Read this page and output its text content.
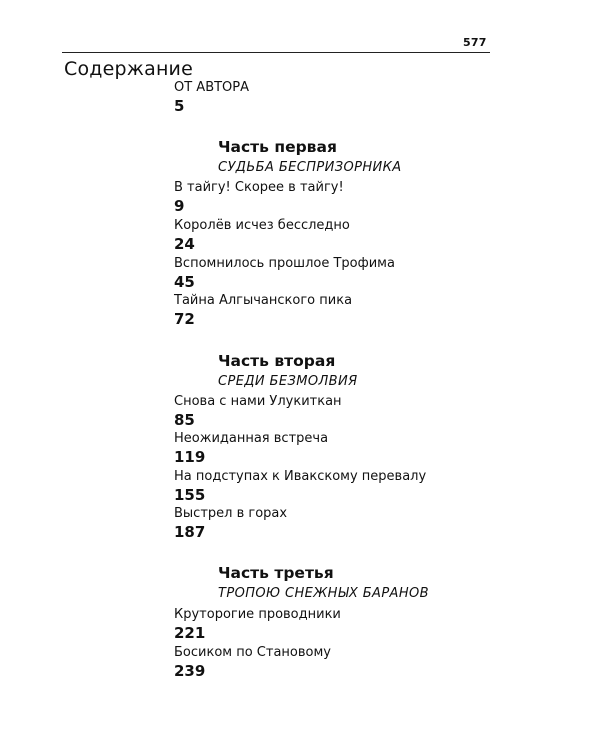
577
Содержание
ОТ АВТОРА
5
Часть первая
СУДЬБА БЕСПРИЗОРНИКА
В тайгу! Скорее в тайгу!
9
Королёв исчез бесследно
24
Вспомнилось прошлое Трофима
45
Тайна Алгычанского пика
72
Часть вторая
СРЕДИ БЕЗМОЛВИЯ
Снова с нами Улукиткан
85
Неожиданная встреча
119
На подступах к Ивакскому перевалу
155
Выстрел в горах
187
Часть третья
ТРОПОЮ СНЕЖНЫХ БАРАНОВ
Круторогие проводники
221
Босиком по Становому
239
